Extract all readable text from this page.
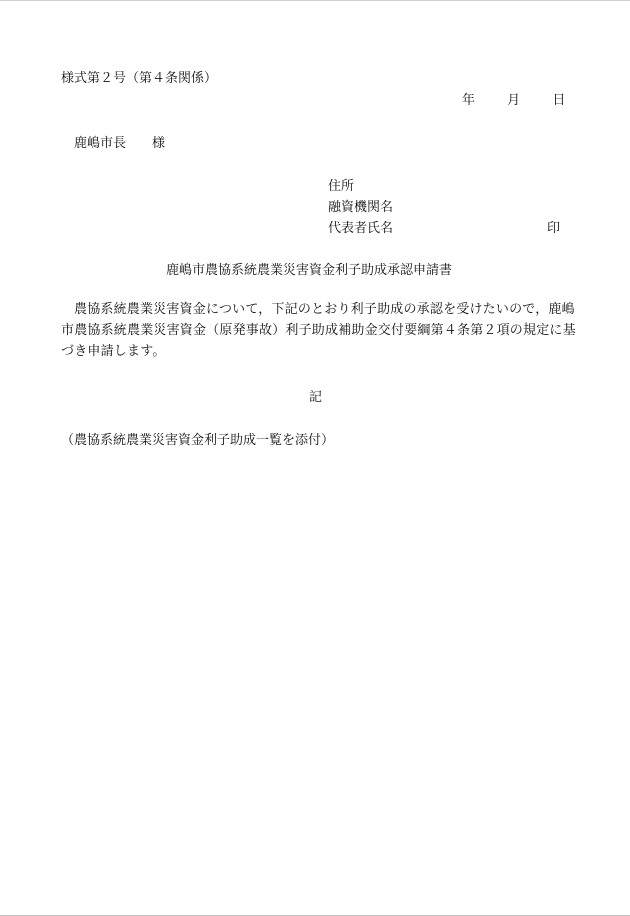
様式第２号（第４条関係）
年 月 日
鹿嶋市長 様
住所
融資機関名
代表者氏名	印
鹿嶋市農協系統農業災害資金利子助成承認申請書

農協系統農業災害資金について，下記のとおり利子助成の承認を受けたいので，鹿嶋市農協系統農業災害資金（原発事故）利子助成補助金交付要綱第４条第２項の規定に基づき申請します。

記
（農協系統農業災害資金利子助成一覧を添付）
